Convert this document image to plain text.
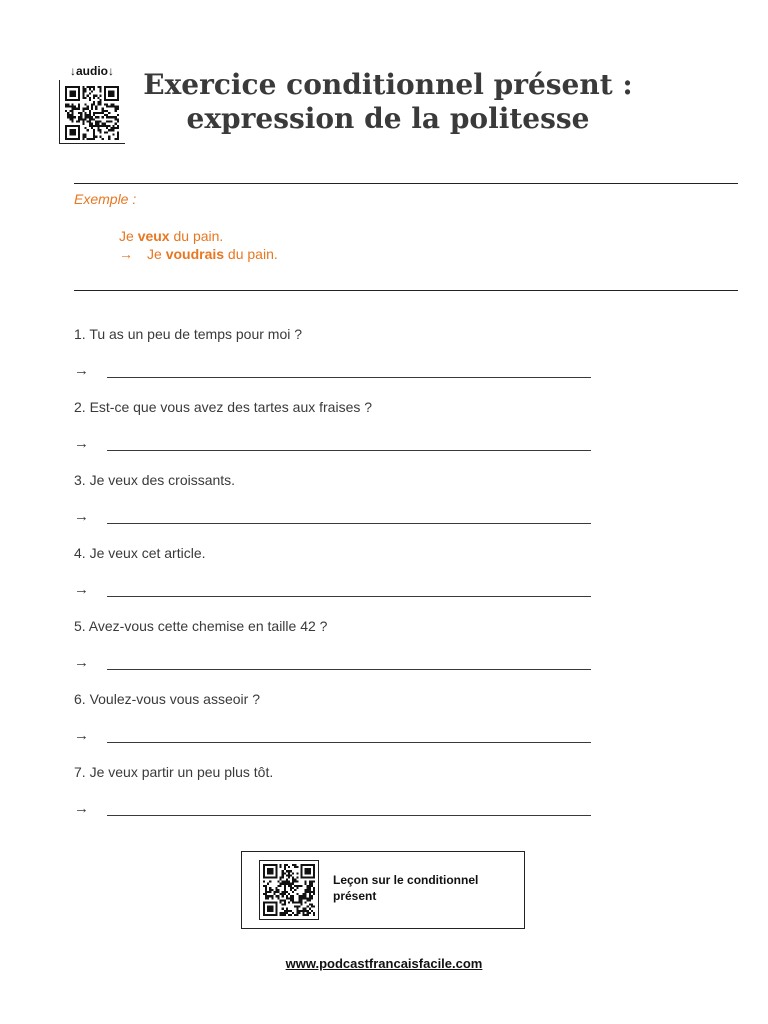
↓audio↓	Exercice conditionnel présent :
expression de la politesse
Exemple :
Je veux du pain.
→ Je voudrais du pain.
1. Tu as un peu de temps pour moi ?
→
2. Est-ce que vous avez des tartes aux fraises ?
→
3. Je veux des croissants.
→
4. Je veux cet article.
→
5. Avez-vous cette chemise en taille 42 ?
→
6. Voulez-vous vous asseoir ?
→
7. Je veux partir un peu plus tôt.
→
Leçon sur le conditionnel présent
www.podcastfrancaisfacile.com
